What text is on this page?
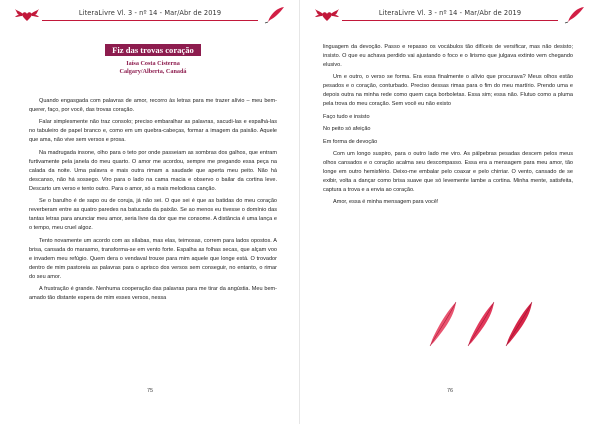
LiteraLivre Vl. 3 - nº 14 - Mar/Abr de 2019
Fiz das trovas coração
Iaísa Costa Cisterna
Calgary/Alberta, Canadá

Quando engasgada com palavras de amor, recorro às letras para me trazer alívio – meu bem-querer, faço, por você, das trovas coração.

Falar simplesmente não traz consolo; preciso embaralhar as palavras, sacudi-las e espalhá-las no tabuleiro de papel branco e, como em um quebra-cabeças, formar a imagem da paixão. Aquele que ama, não vive sem versos e prosa.

Na madrugada insone, olho para o teto por onde passeiam as sombras dos galhos, que entram furtivamente pela janela do meu quarto. O amor me acordou, sempre me pregando essa peça na calada da noite. Uma palavra e mais outra rimam a saudade que aperta meu peito. Não há descanso, não há sossego. Viro para o lado na cama macia e observo o bailar da cortina leve. Descarto um verso e tento outro. Para o amor, só a mais melodiosa canção.

Se o barulho é de sapo ou de coruja, já não sei. O que sei é que as batidas do meu coração reverberam entre as quatro paredes na batucada da paixão. Se ao menos eu tivesse o domínio das tantas letras para anunciar meu amor, seria livre da dor que me consome. A distância é uma lança e o tempo, meu cruel algoz.

Tento novamente um acordo com as sílabas, mas elas, teimosas, correm para lados opostos. A brisa, cansada do marasmo, transforma-se em vento forte. Espalha as folhas secas, que alçam voo e invadem meu refúgio. Quem dera o vendaval trouxe para mim aquele que longe está. O trovador dentro de mim pastoreia as palavras para o aprisco dos versos sem conseguir, no entanto, o rimar do seu amor.

A frustração é grande. Nenhuma cooperação das palavras para me tirar da angústia. Meu bem-amado tão distante espera de mim esses versos, nessa

75
LiteraLivre Vl. 3 - nº 14 - Mar/Abr de 2019

linguagem da devoção. Passo e repasso os vocábulos tão difíceis de versificar, mas não desisto; insisto. O que eu achava perdido vai ajustando o foco e o lirismo que julgava extinto vem chegando elusivo.

Um e outro, o verso se forma. Era essa finalmente o alívio que procurava? Meus olhos estão pesados e o coração, conturbado. Preciso dessas rimas para o fim do meu martírio. Prendo uma e depois outra na minha rede como quem caça borboletas. Essa sim; essa não. Flutuo como a pluma pela trova do meu coração. Sem você eu não existo

Faço tudo e insisto

No peito só afeição

Em forma de devoção

Com um longo suspiro, para o outro lado me viro. As pálpebras pesadas descem pelos meus olhos cansados e o coração acalma seu descompasso. Essa era a mensagem para meu amor, tão longe em outro hemisfério. Deixo-me embalar pelo coaxar e pelo chirriar. O vento, cansado de se exibir, volta a dançar como brisa suave que só levemente lambe a cortina. Minha mente, satisfeita, captura a trova e a envia ao coração.

Amor, essa é minha mensagem para você!

76
